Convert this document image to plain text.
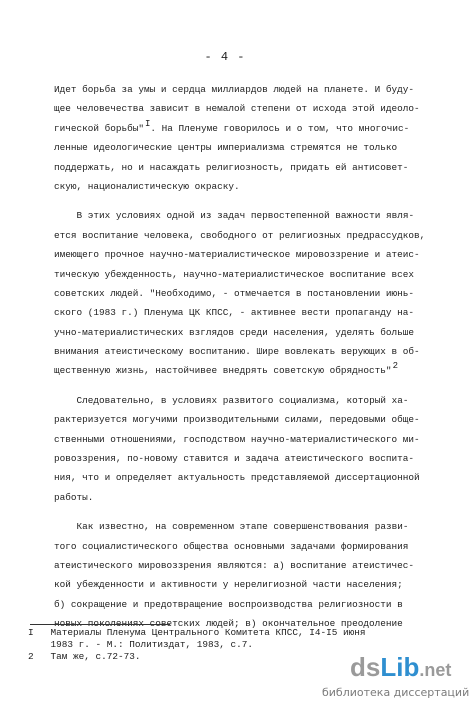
- 4 -
Идет борьба за умы и сердца миллиардов людей на планете. И буду-
щее человечества зависит в немалой степени от исхода этой идеоло-
гической борьбы"$^I$. На Пленуме говорилось и о том, что многочис-
ленные идеологические центры империализма стремятся не только
поддержать, но и насаждать религиозность, придать ей антисовет-
скую, националистическую окраску.
В этих условиях одной из задач первостепенной важности явля-
ется воспитание человека, свободного от религиозных предрассудков,
имеющего прочное научно-материалистическое мировоззрение и атеис-
тическую убежденность, научно-материалистическое воспитание всех
советских людей. "Необходимо, - отмечается в постановлении июнь-
ского (1983 г.) Пленума ЦК КПСС, - активнее вести пропаганду на-
учно-материалистических взглядов среди населения, уделять больше
внимания атеистическому воспитанию. Шире вовлекать верующих в об-
щественную жизнь, настойчивее внедрять советскую обрядность"$^2$
Следовательно, в условиях развитого социализма, который ха-
рактеризуется могучими производительными силами, передовыми обще-
ственными отношениями, господством научно-материалистического ми-
ровоззрения, по-новому ставится и задача атеистического воспита-
ния, что и определяет актуальность представляемой диссертационной
работы.
Как известно, на современном этапе совершенствования разви-
того социалистического общества основными задачами формирования
атеистического мировоззрения являются: а) воспитание атеистичес-
кой убежденности и активности у нерелигиозной части населения;
б) сокращение и предотвращение воспроизводства религиозности в
новых поколениях советских людей; в) окончательное преодоление
I   Материалы Пленума Центрального Комитета КПСС, I4-I5 июня
1983 г. - М.: Политиздат, 1983, с.7.
2   Там же, с.72-73.	dsLib.net
библиотека диссертаций
